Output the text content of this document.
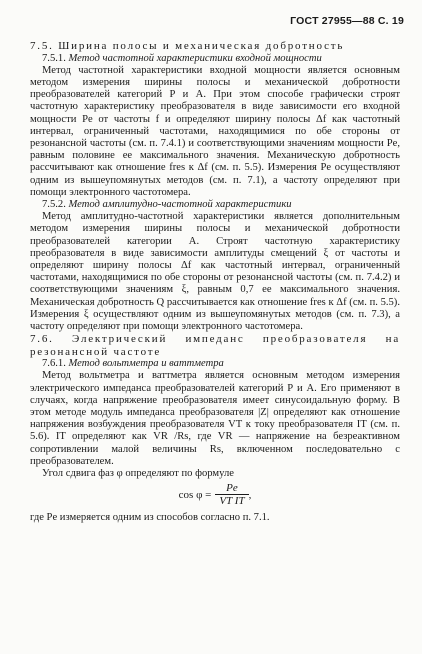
ГОСТ 27955—88 С. 19

7.5. Ширина полосы и механическая добротность

7.5.1. Метод частотной характеристики входной мощности

Метод частотной характеристики входной мощности является основным методом измерения ширины полосы и механической добротности преобразователей категорий Р и А. При этом способе графически строят частотную характеристику преобразователя в виде зависимости его входной мощности Pe от частоты f и определяют ширину полосы Δf как частотный интервал, ограниченный частотами, находящимися по обе стороны от резонансной частоты (см. п. 7.4.1) и соответствующими значениям мощности Pe, равным половине ее максимального значения. Механическую добротность рассчитывают как отношение fres к Δf (см. п. 5.5). Измерения Pe осуществляют одним из вышеупомянутых методов (см. п. 7.1), а частоту определяют при помощи электронного частотомера.

7.5.2. Метод амплитудно-частотной характеристики

Метод амплитудно-частотной характеристики является дополнительным методом измерения ширины полосы и механической добротности преобразователей категории А. Строят частотную характеристику преобразователя в виде зависимости амплитуды смещений ξ от частоты и определяют ширину полосы Δf как частотный интервал, ограниченный частотами, находящимися по обе стороны от резонансной частоты (см. п. 7.4.2) и соответствующими значениям ξ, равным 0,7 ее максимального значения. Механическая добротность Q рассчитывается как отношение fres к Δf (см. п. 5.5). Измерения ξ осуществляют одним из вышеупомянутых методов (см. п. 7.3), а частоту определяют при помощи электронного частотомера.

7.6. Электрический импеданс преобразователя на резонансной частоте

7.6.1. Метод вольтметра и ваттметра

Метод вольтметра и ваттметра является основным методом измерения электрического импеданса преобразователей категорий Р и А. Его применяют в случаях, когда напряжение преобразователя имеет синусоидальную форму. В этом методе модуль импеданса преобразователя |Z| определяют как отношение напряжения возбуждения преобразователя VT к току преобразователя IT (см. п. 5.6). IT определяют как VR /Rs, где VR — напряжение на безреактивном сопротивлении малой величины Rs, включенном последовательно с преобразователем.

Угол сдвига фаз φ определяют по формуле

$\cos \varphi = \frac{Pe}{\text{VT IT}}$ ,

где Pe измеряется одним из способов согласно п. 7.1.
